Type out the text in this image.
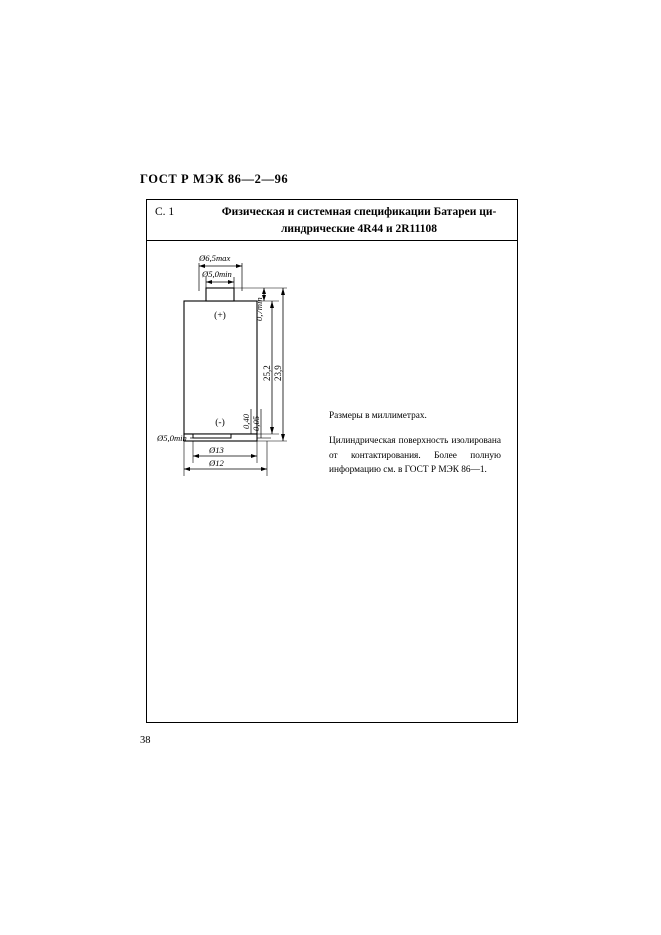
ГОСТ Р МЭК 86—2—96
С. 1	Физическая и системная спецификации Батареи ци-
линдрические 4R44 и 2R11108
(+)
(-)
Ø6,5max
Ø5,0min
0,7min
25,2 23,9
0,40 0,05
Ø5,0min
Ø13
Ø12

Размеры в миллиметрах.

Цилиндрическая поверхность изолирована от контактирования. Более полную информацию см. в ГОСТ Р МЭК 86—1.

38
